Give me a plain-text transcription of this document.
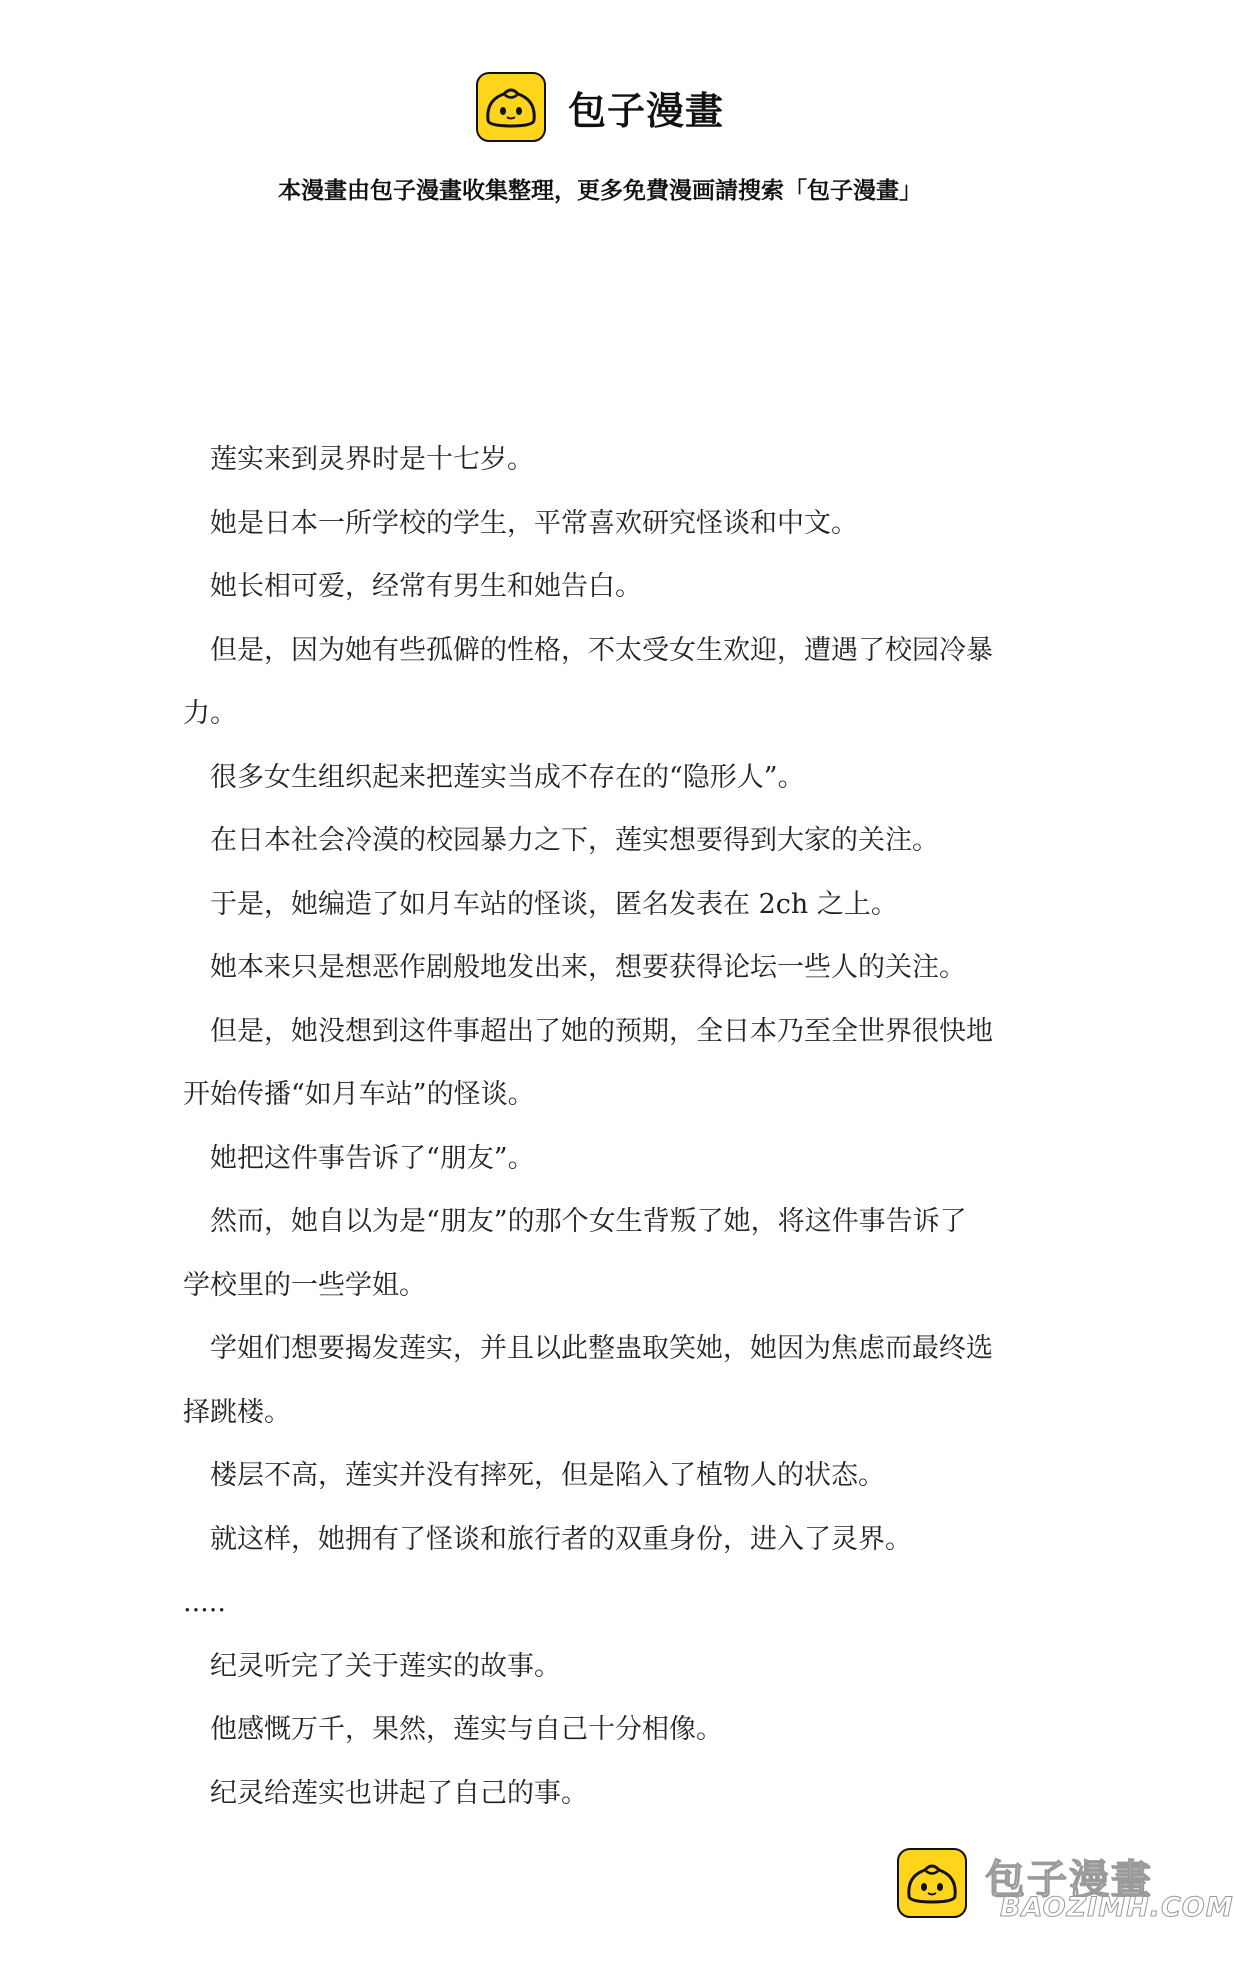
包子漫畫
本漫畫由包子漫畫收集整理，更多免費漫画請搜索「包子漫畫」

莲实来到灵界时是十七岁。

她是日本一所学校的学生，平常喜欢研究怪谈和中文。

她长相可爱，经常有男生和她告白。

但是，因为她有些孤僻的性格，不太受女生欢迎，遭遇了校园冷暴

力。

很多女生组织起来把莲实当成不存在的“隐形人”。

在日本社会冷漠的校园暴力之下，莲实想要得到大家的关注。

于是，她编造了如月车站的怪谈，匿名发表在 2ch 之上。

她本来只是想恶作剧般地发出来，想要获得论坛一些人的关注。

但是，她没想到这件事超出了她的预期，全日本乃至全世界很快地

开始传播“如月车站”的怪谈。

她把这件事告诉了“朋友”。

然而，她自以为是“朋友”的那个女生背叛了她，将这件事告诉了

学校里的一些学姐。

学姐们想要揭发莲实，并且以此整蛊取笑她，她因为焦虑而最终选

择跳楼。

楼层不高，莲实并没有摔死，但是陷入了植物人的状态。

就这样，她拥有了怪谈和旅行者的双重身份，进入了灵界。

.....

纪灵听完了关于莲实的故事。

他感慨万千，果然，莲实与自己十分相像。

纪灵给莲实也讲起了自己的事。

包子漫畫
BAOZIMH.COM
